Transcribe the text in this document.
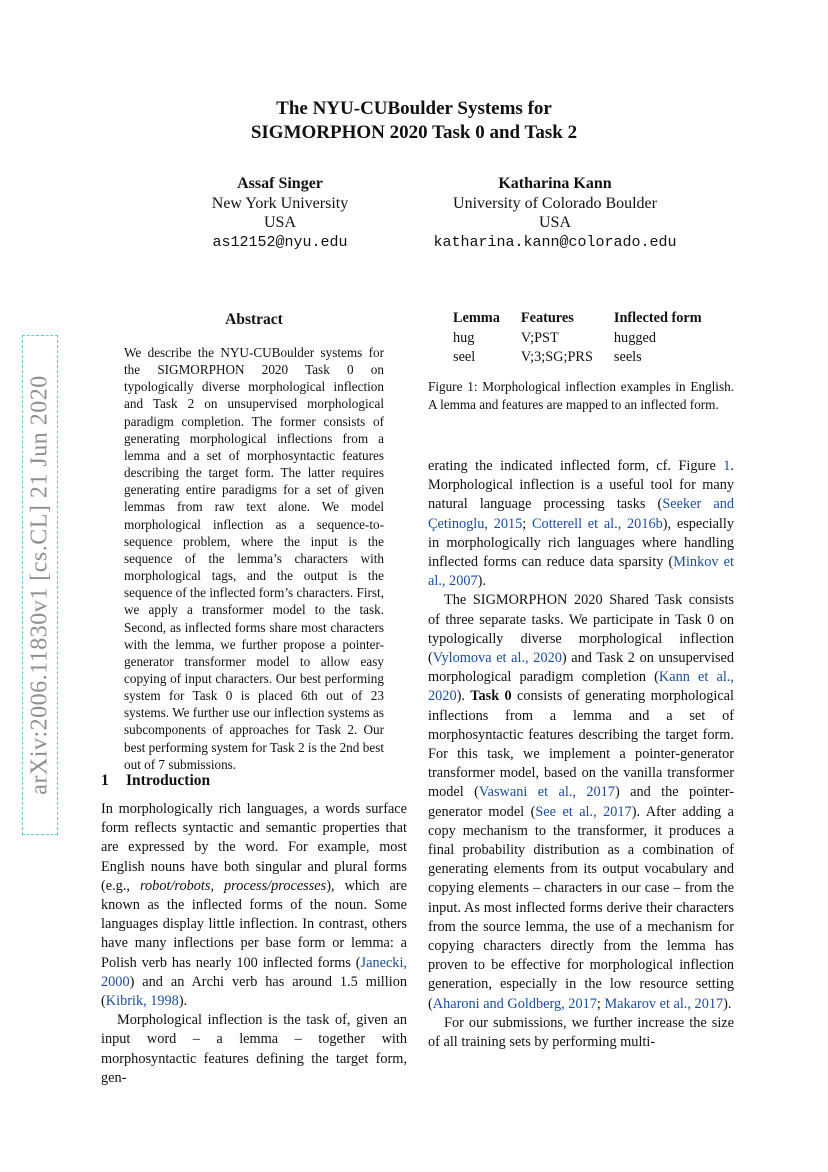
The NYU-CUBoulder Systems for
SIGMORPHON 2020 Task 0 and Task 2
Assaf Singer
New York University
USA
as12152@nyu.edu
Katharina Kann
University of Colorado Boulder
USA
katharina.kann@colorado.edu
arXiv:2006.11830v1 [cs.CL] 21 Jun 2020
Abstract

We describe the NYU-CUBoulder systems for the SIGMORPHON 2020 Task 0 on typologically diverse morphological inflection and Task 2 on unsupervised morphological paradigm completion. The former consists of generating morphological inflections from a lemma and a set of morphosyntactic features describing the target form. The latter requires generating entire paradigms for a set of given lemmas from raw text alone. We model morphological inflection as a sequence-to-sequence problem, where the input is the sequence of the lemma’s characters with morphological tags, and the output is the sequence of the inflected form’s characters. First, we apply a transformer model to the task. Second, as inflected forms share most characters with the lemma, we further propose a pointer-generator transformer model to allow easy copying of input characters. Our best performing system for Task 0 is placed 6th out of 23 systems. We further use our inflection systems as subcomponents of approaches for Task 2. Our best performing system for Task 2 is the 2nd best out of 7 submissions.

1 Introduction

In morphologically rich languages, a words surface form reflects syntactic and semantic properties that are expressed by the word. For example, most English nouns have both singular and plural forms (e.g., robot/robots, process/processes), which are known as the inflected forms of the noun. Some languages display little inflection. In contrast, others have many inflections per base form or lemma: a Polish verb has nearly 100 inflected forms (Janecki, 2000) and an Archi verb has around 1.5 million (Kibrik, 1998).

Morphological inflection is the task of, given an input word – a lemma – together with morphosyntactic features defining the target form, gen-

Lemma	Features	Inflected form
hug	V;PST	hugged
seel	V;3;SG;PRS	seels
Figure 1: Morphological inflection examples in English. A lemma and features are mapped to an inflected form.

erating the indicated inflected form, cf. Figure 1. Morphological inflection is a useful tool for many natural language processing tasks (Seeker and Çetinoglu, 2015; Cotterell et al., 2016b), especially in morphologically rich languages where handling inflected forms can reduce data sparsity (Minkov et al., 2007).

The SIGMORPHON 2020 Shared Task consists of three separate tasks. We participate in Task 0 on typologically diverse morphological inflection (Vylomova et al., 2020) and Task 2 on unsupervised morphological paradigm completion (Kann et al., 2020). Task 0 consists of generating morphological inflections from a lemma and a set of morphosyntactic features describing the target form. For this task, we implement a pointer-generator transformer model, based on the vanilla transformer model (Vaswani et al., 2017) and the pointer-generator model (See et al., 2017). After adding a copy mechanism to the transformer, it produces a final probability distribution as a combination of generating elements from its output vocabulary and copying elements – characters in our case – from the input. As most inflected forms derive their characters from the source lemma, the use of a mechanism for copying characters directly from the lemma has proven to be effective for morphological inflection generation, especially in the low resource setting (Aharoni and Goldberg, 2017; Makarov et al., 2017).

For our submissions, we further increase the size of all training sets by performing multi-
